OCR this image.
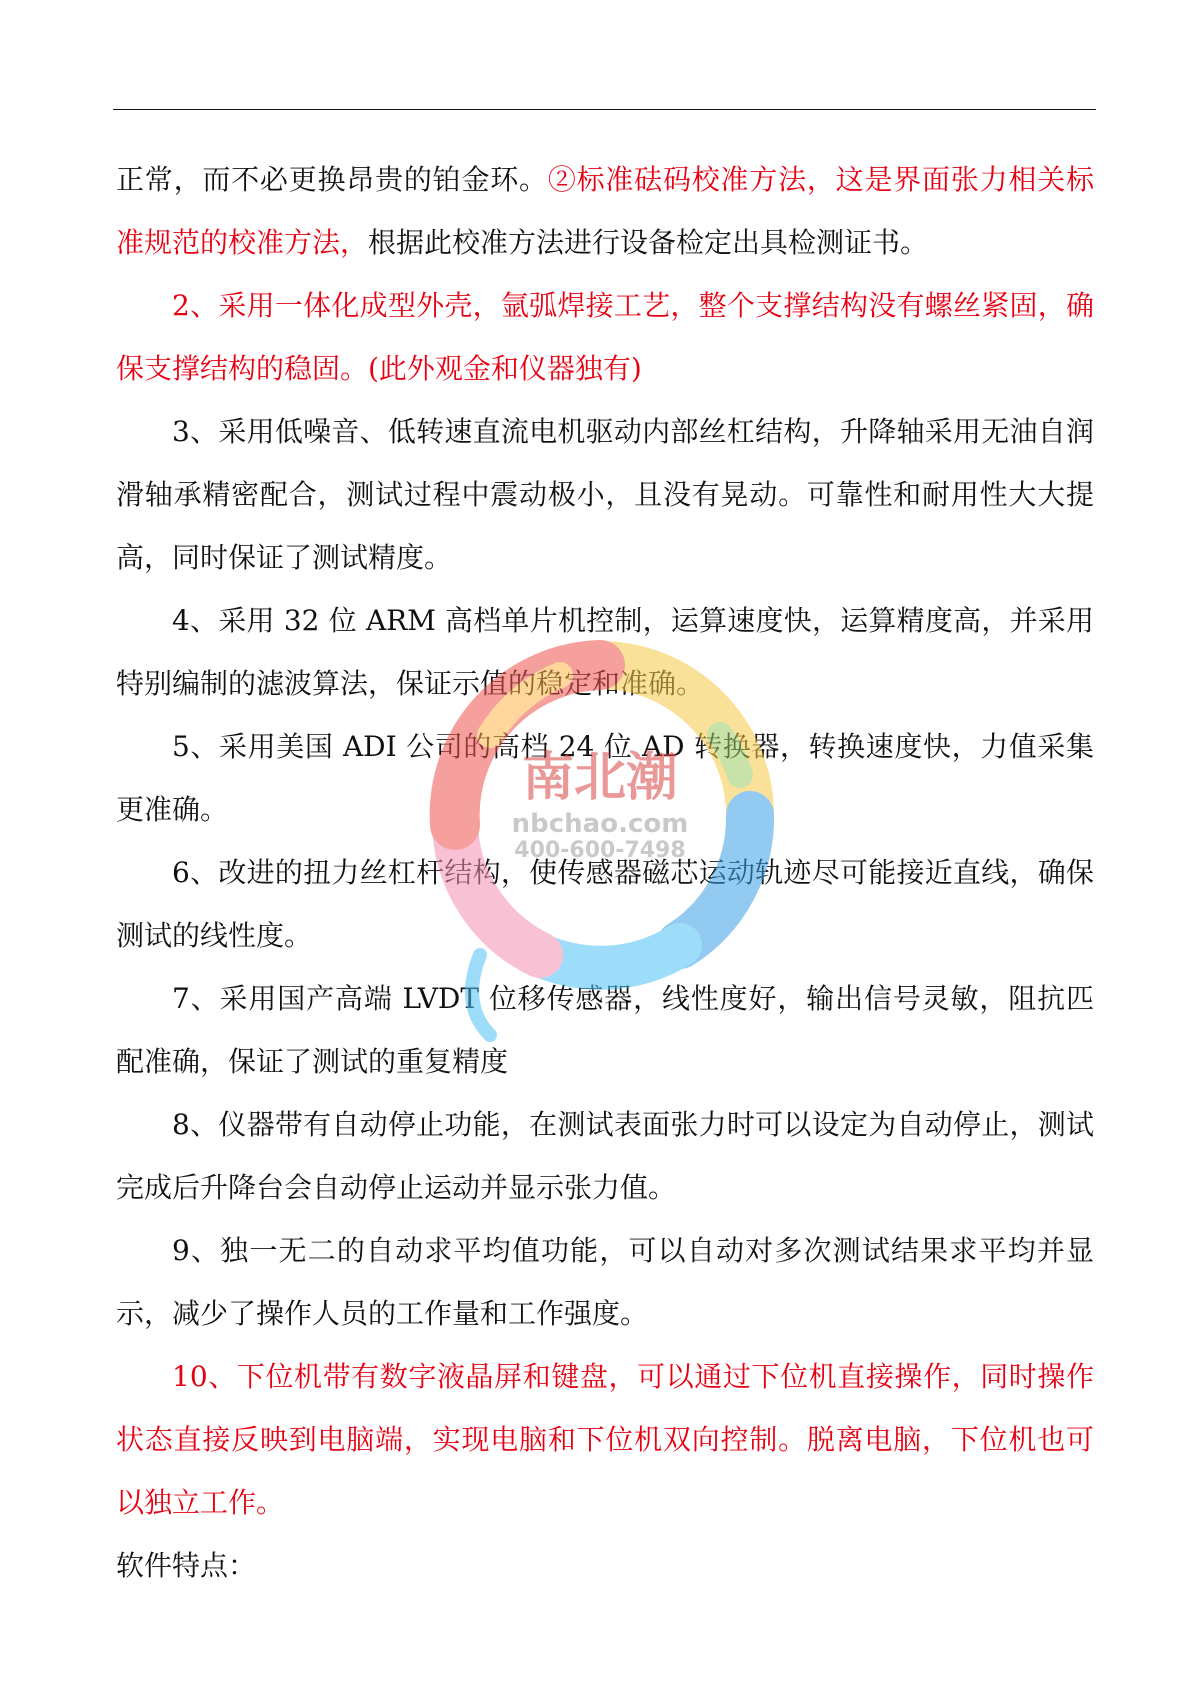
正常，而不必更换昂贵的铂金环。②标准砝码校准方法，这是界面张力相关标准规范的校准方法，根据此校准方法进行设备检定出具检测证书。

2、采用一体化成型外壳，氩弧焊接工艺，整个支撑结构没有螺丝紧固，确保支撑结构的稳固。(此外观金和仪器独有)

3、采用低噪音、低转速直流电机驱动内部丝杠结构，升降轴采用无油自润滑轴承精密配合，测试过程中震动极小，且没有晃动。可靠性和耐用性大大提高，同时保证了测试精度。

4、采用 32 位 ARM 高档单片机控制，运算速度快，运算精度高，并采用特别编制的滤波算法，保证示值的稳定和准确。

5、采用美国 ADI 公司的高档 24 位 AD 转换器，转换速度快，力值采集更准确。

6、改进的扭力丝杠杆结构，使传感器磁芯运动轨迹尽可能接近直线，确保测试的线性度。

7、采用国产高端 LVDT 位移传感器，线性度好，输出信号灵敏，阻抗匹配准确，保证了测试的重复精度

8、仪器带有自动停止功能，在测试表面张力时可以设定为自动停止，测试完成后升降台会自动停止运动并显示张力值。

9、独一无二的自动求平均值功能，可以自动对多次测试结果求平均并显示，减少了操作人员的工作量和工作强度。

10、下位机带有数字液晶屏和键盘，可以通过下位机直接操作，同时操作状态直接反映到电脑端，实现电脑和下位机双向控制。脱离电脑，下位机也可以独立工作。

软件特点：

南北潮
nbchao.com
400-600-7498
